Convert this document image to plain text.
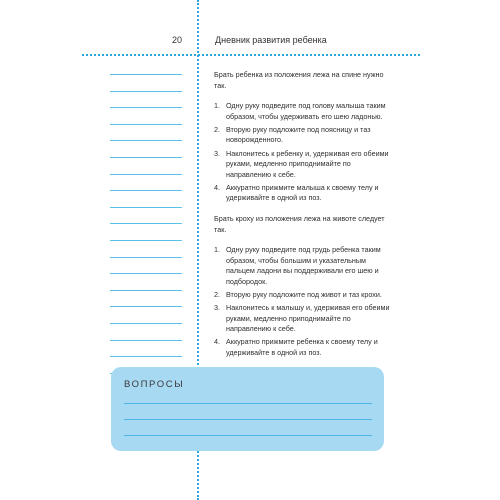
20	Дневник развития ребенка

Брать ребенка из положения лежа на спине нужно так.

1. Одну руку подведите под голову малыша таким образом, чтобы удерживать его шею ладонью.
2. Вторую руку подложите под поясницу и таз новорожденного.
3. Наклонитесь к ребенку и, удерживая его обеими руками, медленно приподнимайте по направлению к себе.
4. Аккуратно прижмите малыша к своему телу и удерживайте в одной из поз.

Брать кроху из положения лежа на животе следует так.

1. Одну руку подведите под грудь ребенка таким образом, чтобы большим и указательным пальцем ладони вы поддерживали его шею и подбородок.
2. Вторую руку подложите под живот и таз крохи.
3. Наклонитесь к малышу и, удерживая его обеими руками, медленно приподнимайте по направлению к себе.
4. Аккуратно прижмите ребенка к своему телу и удерживайте в одной из поз.
ВОПРОСЫ
